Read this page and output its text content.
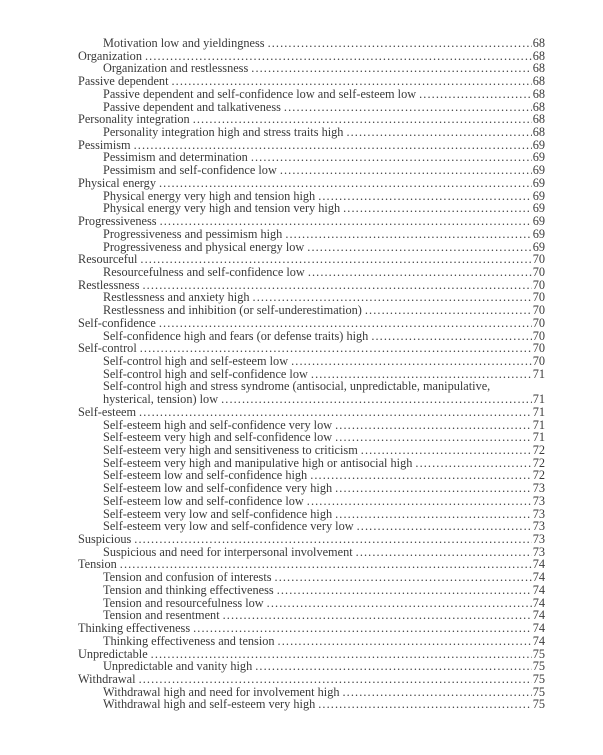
Motivation low and yieldingness .....	68
Organization .....	68
Organization and restlessness .....	68
Passive dependent .....	68
Passive dependent and self-confidence low and self-esteem low .....	68
Passive dependent and talkativeness .....	68
Personality integration .....	68
Personality integration high and stress traits high .....	68
Pessimism .....	69
Pessimism and determination .....	69
Pessimism and self-confidence low .....	69
Physical energy .....	69
Physical energy very high and tension high .....	69
Physical energy very high and tension very high .....	69
Progressiveness .....	69
Progressiveness and pessimism high .....	69
Progressiveness and physical energy low .....	69
Resourceful .....	70
Resourcefulness and self-confidence low .....	70
Restlessness .....	70
Restlessness and anxiety high .....	70
Restlessness and inhibition (or self-underestimation) .....	70
Self-confidence .....	70
Self-confidence high and fears (or defense traits) high .....	70
Self-control .....	70
Self-control high and self-esteem low .....	70
Self-control high and self-confidence low .....	71
Self-control high and stress syndrome (antisocial, unpredictable, manipulative,
hysterical, tension) low .....	71
Self-esteem .....	71
Self-esteem high and self-confidence very low .....	71
Self-esteem very high and self-confidence low .....	71
Self-esteem very high and sensitiveness to criticism .....	72
Self-esteem very high and manipulative high or antisocial high .....	72
Self-esteem low and self-confidence high .....	72
Self-esteem low and self-confidence very high .....	73
Self-esteem low and self-confidence low .....	73
Self-esteem very low and self-confidence high .....	73
Self-esteem very low and self-confidence very low .....	73
Suspicious .....	73
Suspicious and need for interpersonal involvement .....	73
Tension .....	74
Tension and confusion of interests .....	74
Tension and thinking effectiveness .....	74
Tension and resourcefulness low .....	74
Tension and resentment .....	74
Thinking effectiveness .....	74
Thinking effectiveness and tension .....	74
Unpredictable .....	75
Unpredictable and vanity high .....	75
Withdrawal .....	75
Withdrawal high and need for involvement high .....	75
Withdrawal high and self-esteem very high .....	75
